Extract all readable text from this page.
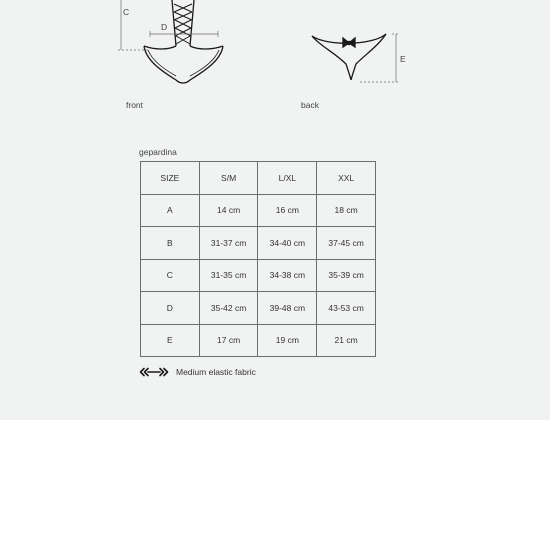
C
D
E
front	back
gepardina
SIZE	S/M	L/XL	XXL
A	14 cm	16 cm	18 cm
B	31-37 cm	34-40 cm	37-45 cm
C	31-35 cm	34-38 cm	35-39 cm
D	35-42 cm	39-48 cm	43-53 cm
E	17 cm	19 cm	21 cm
Medium elastic fabric
